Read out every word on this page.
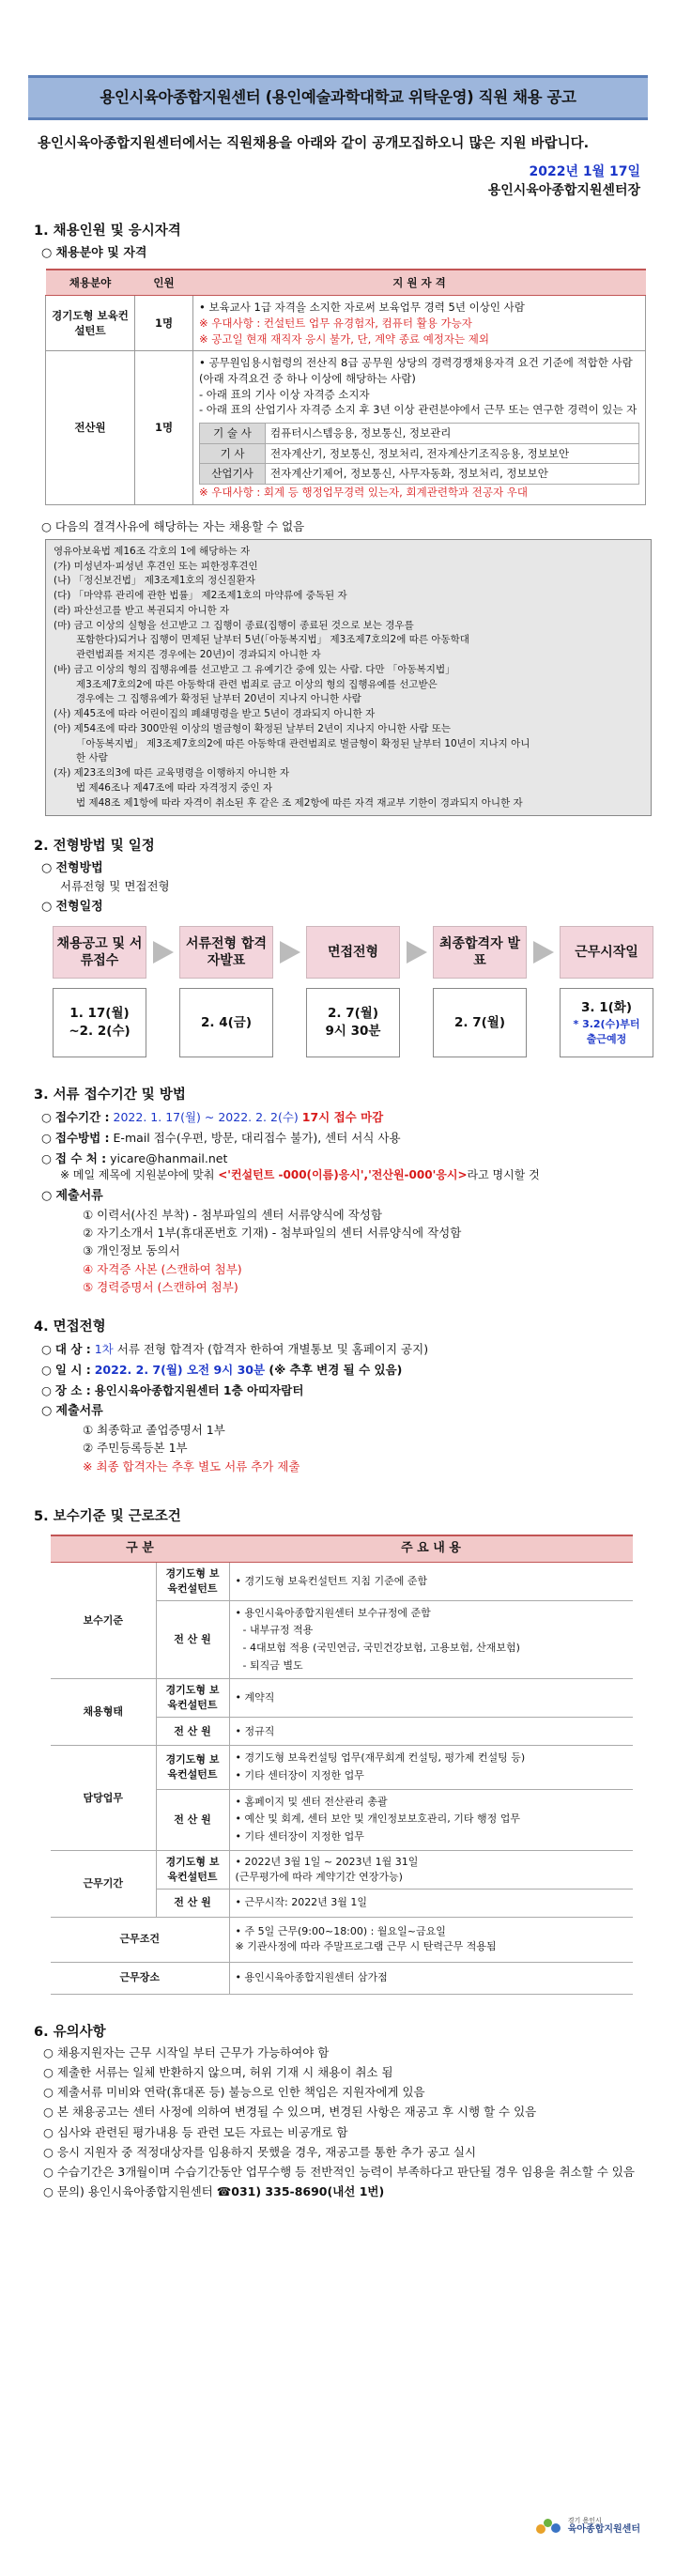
용인시육아종합지원센터 (용인예술과학대학교 위탁운영) 직원 채용 공고
용인시육아종합지원센터에서는 직원채용을 아래와 같이 공개모집하오니 많은 지원 바랍니다.
2022년 1월 17일
용인시육아종합지원센터장
1. 채용인원 및 응시자격
○ 채용분야 및 자격
채용분야	인원	지 원 자 격
경기도형 보육컨설턴트	1명	
• 보육교사 1급 자격을 소지한 자로써 보육업무 경력 5년 이상인 사람
※ 우대사항 : 컨설턴트 업무 유경험자, 컴퓨터 활용 가능자
※ 공고일 현재 재직자 응시 불가, 단, 계약 종료 예정자는 제외

전산원	1명	
• 공무원임용시험령의 전산직 8급 공무원 상당의 경력경쟁채용자격 요건 기준에 적합한 사람 (아래 자격요건 중 하나 이상에 해당하는 사람)
- 아래 표의 기사 이상 자격증 소지자
- 아래 표의 산업기사 자격증 소지 후 3년 이상 관련분야에서 근무 또는 연구한 경력이 있는 자
기 술 사	컴퓨터시스템응용, 정보통신, 정보관리
기 사	전자계산기, 정보통신, 정보처리, 전자계산기조직응용, 정보보안
산업기사	전자계산기제어, 정보통신, 사무자동화, 정보처리, 정보보안
※ 우대사항 : 회계 등 행정업무경력 있는자, 회계관련학과 전공자 우대
○ 다음의 결격사유에 해당하는 자는 채용할 수 없음
영유아보육법 제16조 각호의 1에 해당하는 자
(가) 미성년자·피성년 후견인 또는 피한정후견인
(나) 「정신보건법」 제3조제1호의 정신질환자
(다) 「마약류 관리에 관한 법률」 제2조제1호의 마약류에 중독된 자
(라) 파산선고를 받고 복권되지 아니한 자
(마) 금고 이상의 실형을 선고받고 그 집행이 종료(집행이 종료된 것으로 보는 경우를
포함한다)되거나 집행이 면제된 날부터 5년(「아동복지법」 제3조제7호의2에 따른 아동학대
관련범죄를 저지른 경우에는 20년)이 경과되지 아니한 자
(바) 금고 이상의 형의 집행유예를 선고받고 그 유예기간 중에 있는 사람. 다만 「아동복지법」
제3조제7호의2에 따른 아동학대 관련 범죄로 금고 이상의 형의 집행유예를 선고받은
경우에는 그 집행유예가 확정된 날부터 20년이 지나지 아니한 사람
(사) 제45조에 따라 어린이집의 폐쇄명령을 받고 5년이 경과되지 아니한 자
(아) 제54조에 따라 300만원 이상의 벌금형이 확정된 날부터 2년이 지나지 아니한 사람 또는
「아동복지법」 제3조제7호의2에 따른 아동학대 관련범죄로 벌금형이 확정된 날부터 10년이 지나지 아니
한 사람
(자) 제23조의3에 따른 교육명령을 이행하지 아니한 자
법 제46조나 제47조에 따라 자격정지 중인 자
법 제48조 제1항에 따라 자격이 취소된 후 같은 조 제2항에 따른 자격 재교부 기한이 경과되지 아니한 자
2. 전형방법 및 일정
○ 전형방법
서류전형 및 면접전형
○ 전형일정
채용공고 및 서류접수
1. 17(월)
~2. 2(수)
서류전형 합격자발표
2. 4(금)
면접전형
2. 7(월)
9시 30분
최종합격자 발표
2. 7(월)
근무시작일
3. 1(화)
* 3.2(수)부터
출근예정
3. 서류 접수기간 및 방법
○ 접수기간 : 2022. 1. 17(월) ~ 2022. 2. 2(수) 17시 접수 마감
○ 접수방법 : E-mail 접수(우편, 방문, 대리접수 불가), 센터 서식 사용
○ 접 수 처 : yicare@hanmail.net
※ 메일 제목에 지원분야에 맞춰 <'컨설턴트 -000(이름)응시','전산원-000'응시>라고 명시할 것
○ 제출서류
① 이력서(사진 부착) - 첨부파일의 센터 서류양식에 작성함
② 자기소개서 1부(휴대폰번호 기재) - 첨부파일의 센터 서류양식에 작성함
③ 개인정보 동의서
④ 자격증 사본 (스캔하여 첨부)
⑤ 경력증명서 (스캔하여 첨부)
4. 면접전형
○ 대 상 : 1차 서류 전형 합격자 (합격자 한하여 개별통보 및 홈페이지 공지)
○ 일 시 : 2022. 2. 7(월) 오전 9시 30분 (※ 추후 변경 될 수 있음)
○ 장 소 : 용인시육아종합지원센터 1층 아띠자람터
○ 제출서류
① 최종학교 졸업증명서 1부
② 주민등록등본 1부
※ 최종 합격자는 추후 별도 서류 추가 제출
5. 보수기준 및 근로조건
구 분		주 요 내 용
보수기준	경기도형 보육컨설턴트	• 경기도형 보육컨설턴트 지침 기준에 준함
	전 산 원	• 용인시육아종합지원센터 보수규정에 준함
- 내부규정 적용
- 4대보험 적용 (국민연금, 국민건강보험, 고용보험, 산재보험)
- 퇴직금 별도

채용형태	경기도형 보육컨설턴트	• 계약직
	전 산 원	• 정규직
담당업무	경기도형 보육컨설턴트	• 경기도형 보육컨설팅 업무(재무회계 컨설팅, 평가제 컨설팅 등)
• 기타 센터장이 지정한 업무

	전 산 원	• 홈페이지 및 센터 전산관리 총괄
• 예산 및 회계, 센터 보안 및 개인정보보호관리, 기타 행정 업무
• 기타 센터장이 지정한 업무

근무기간	경기도형 보육컨설턴트	• 2022년 3월 1일 ~ 2023년 1월 31일
(근무평가에 따라 계약기간 연장가능)

	전 산 원	• 근무시작: 2022년 3월 1일
근무조건		• 주 5일 근무(9:00~18:00) : 월요일~금요일
※ 기관사정에 따라 주말프로그램 근무 시 탄력근무 적용됨

근무장소		• 용인시육아종합지원센터 삼가점
6. 유의사항
○ 채용지원자는 근무 시작일 부터 근무가 가능하여야 함
○ 제출한 서류는 일체 반환하지 않으며, 허위 기재 시 채용이 취소 됨
○ 제출서류 미비와 연락(휴대폰 등) 불능으로 인한 책임은 지원자에게 있음
○ 본 채용공고는 센터 사정에 의하여 변경될 수 있으며, 변경된 사항은 재공고 후 시행 할 수 있음
○ 심사와 관련된 평가내용 등 관련 모든 자료는 비공개로 함
○ 응시 지원자 중 적정대상자를 임용하지 못했을 경우, 재공고를 통한 추가 공고 실시
○ 수습기간은 3개월이며 수습기간동안 업무수행 등 전반적인 능력이 부족하다고 판단될 경우 임용을 취소할 수 있음
○ 문의) 용인시육아종합지원센터 ☎031) 335-8690(내선 1번)
경기 용인시
육아종합지원센터
